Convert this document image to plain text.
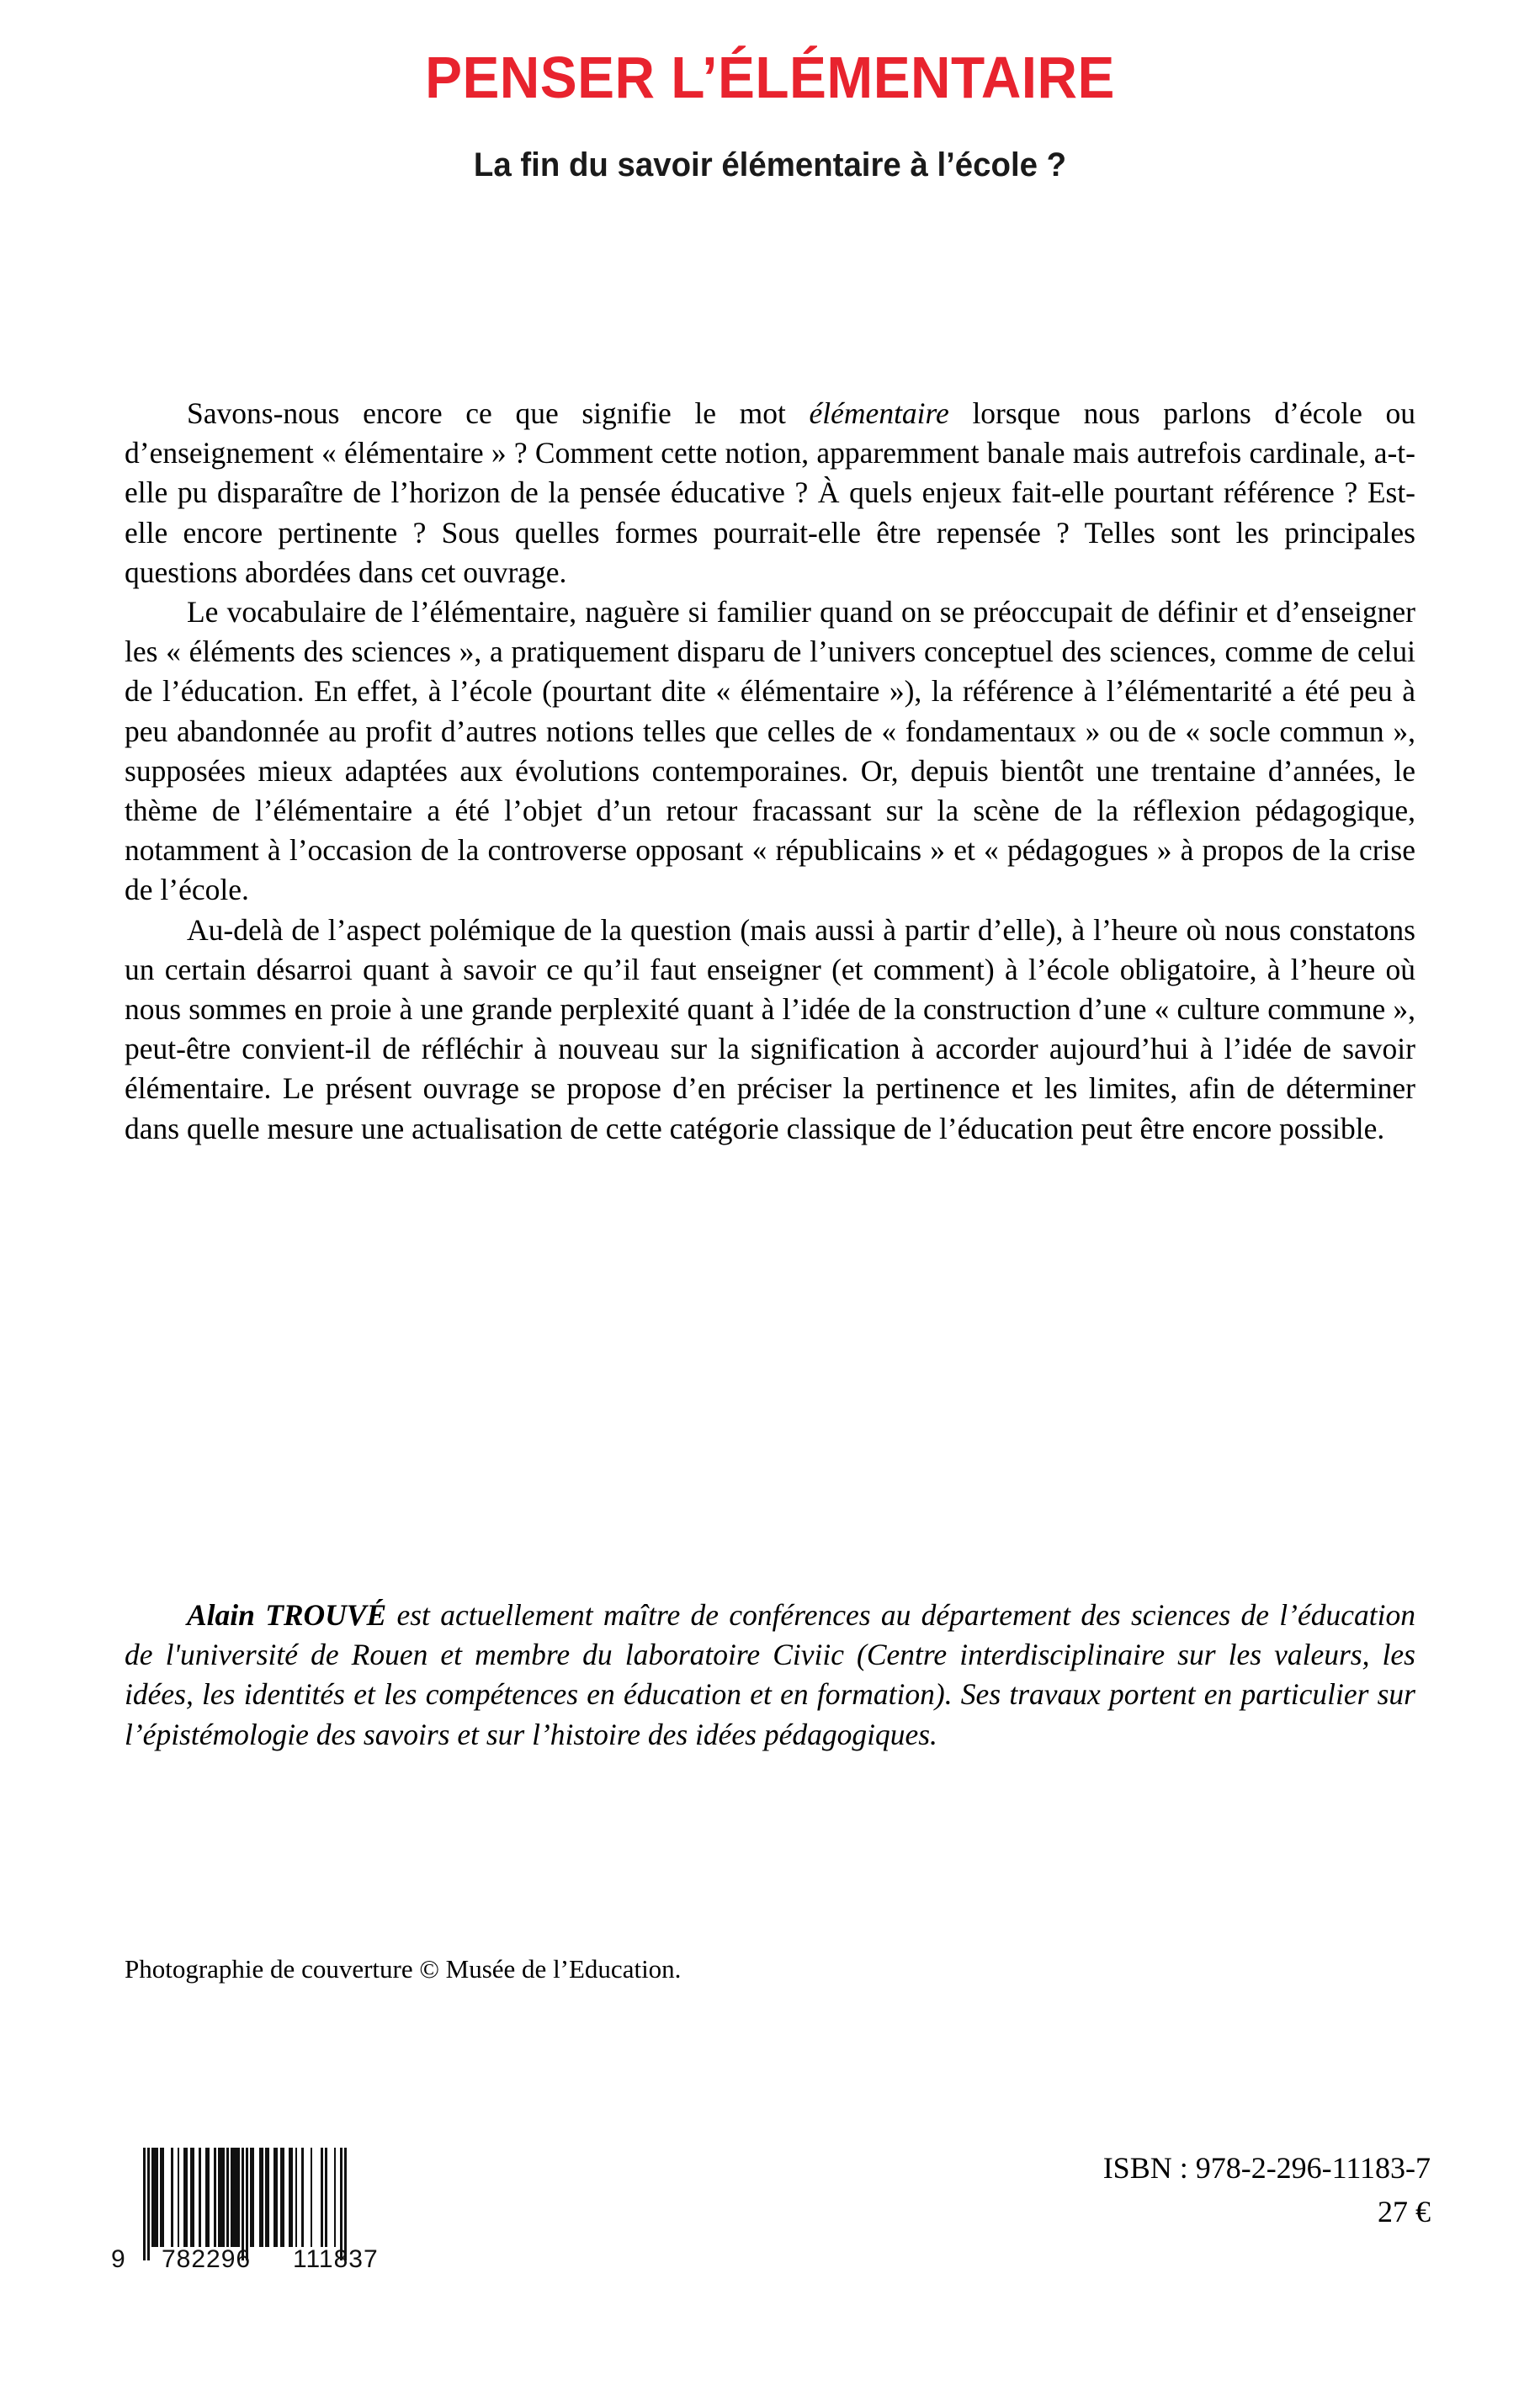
PENSER L’ÉLÉMENTAIRE
La fin du savoir élémentaire à l’école ?

Savons-nous encore ce que signifie le mot élémentaire lorsque nous parlons d’école ou d’enseignement « élémentaire » ? Comment cette notion, apparemment banale mais autrefois cardinale, a-t-elle pu disparaître de l’horizon de la pensée éducative ? À quels enjeux fait-elle pourtant référence ? Est-elle encore pertinente ? Sous quelles formes pourrait-elle être repensée ? Telles sont les principales questions abordées dans cet ouvrage.

Le vocabulaire de l’élémentaire, naguère si familier quand on se préoccupait de définir et d’enseigner les « éléments des sciences », a pratiquement disparu de l’univers conceptuel des sciences, comme de celui de l’éducation. En effet, à l’école (pourtant dite « élémentaire »), la référence à l’élémentarité a été peu à peu abandonnée au profit d’autres notions telles que celles de « fondamentaux » ou de « socle commun », supposées mieux adaptées aux évolutions contemporaines. Or, depuis bientôt une trentaine d’années, le thème de l’élémentaire a été l’objet d’un retour fracassant sur la scène de la réflexion pédagogique, notamment à l’occasion de la controverse opposant « républicains » et « pédagogues » à propos de la crise de l’école.

Au-delà de l’aspect polémique de la question (mais aussi à partir d’elle), à l’heure où nous constatons un certain désarroi quant à savoir ce qu’il faut enseigner (et comment) à l’école obligatoire, à l’heure où nous sommes en proie à une grande perplexité quant à l’idée de la construction d’une « culture commune », peut-être convient-il de réfléchir à nouveau sur la signification à accorder aujourd’hui à l’idée de savoir élémentaire. Le présent ouvrage se propose d’en préciser la pertinence et les limites, afin de déterminer dans quelle mesure une actualisation de cette catégorie classique de l’éducation peut être encore possible.

Alain TROUVÉ est actuellement maître de conférences au département des sciences de l’éducation de l'université de Rouen et membre du laboratoire Civiic (Centre interdisciplinaire sur les valeurs, les idées, les identités et les compétences en éducation et en formation). Ses travaux portent en particulier sur l’épistémologie des savoirs et sur l’histoire des idées pédagogiques.
Photographie de couverture © Musée de l’Education.
9 782296 111837
ISBN : 978-2-296-11183-7
27 €
